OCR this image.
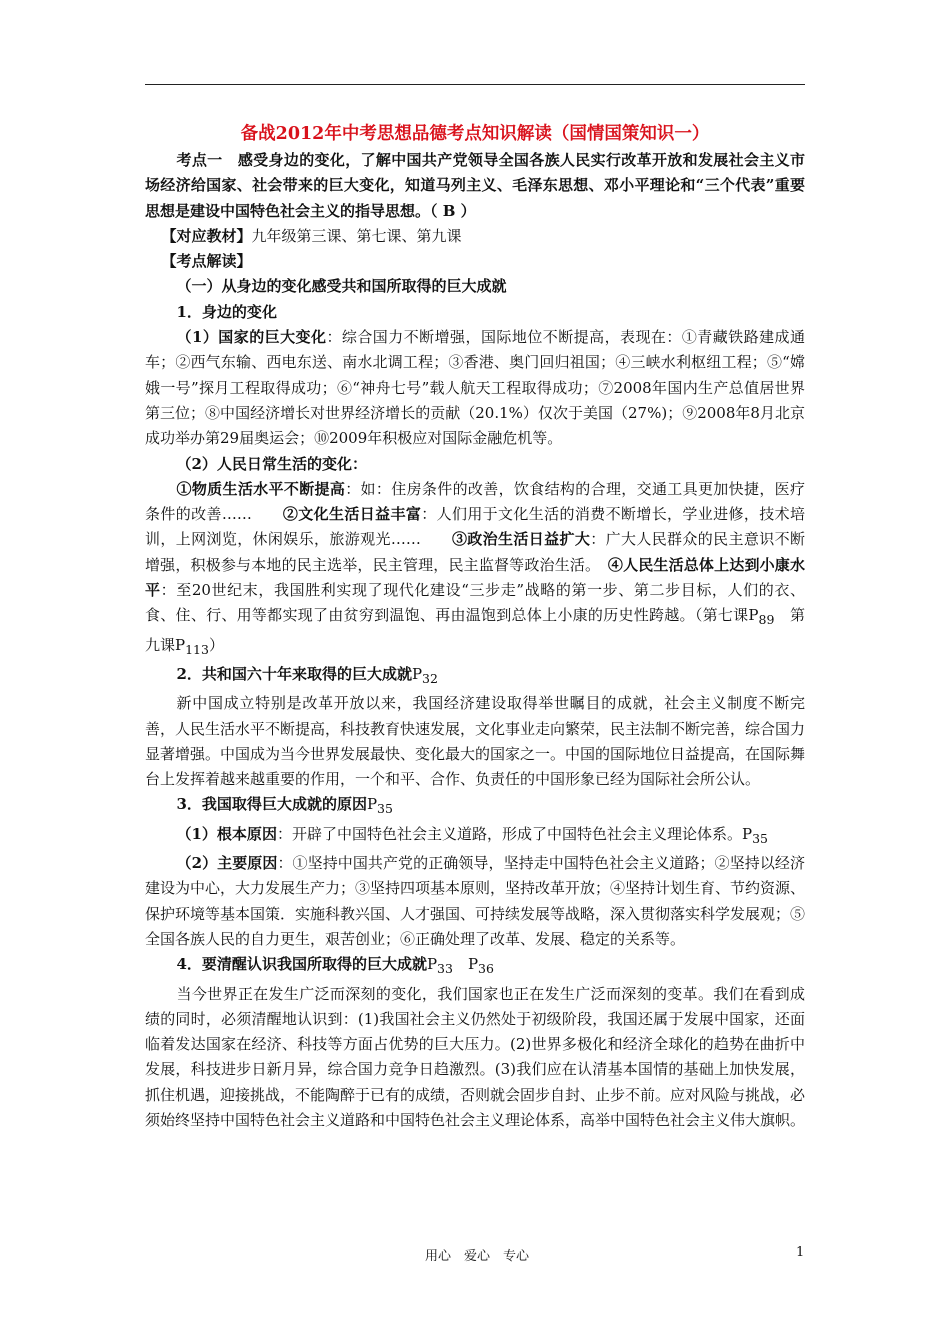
备战2012年中考思想品德考点知识解读（国情国策知识一）

考点一　感受身边的变化，了解中国共产党领导全国各族人民实行改革开放和发展社会主义市场经济给国家、社会带来的巨大变化，知道马列主义、毛泽东思想、邓小平理论和“三个代表”重要思想是建设中国特色社会主义的指导思想。（ B ）

【对应教材】九年级第三课、第七课、第九课

【考点解读】

（一）从身边的变化感受共和国所取得的巨大成就

1．身边的变化

（1）国家的巨大变化：综合国力不断增强，国际地位不断提高，表现在：①青藏铁路建成通车；②西气东输、西电东送、南水北调工程；③香港、奥门回归祖国；④三峡水利枢纽工程；⑤“嫦娥一号”探月工程取得成功；⑥“神舟七号”载人航天工程取得成功；⑦2008年国内生产总值居世界第三位；⑧中国经济增长对世界经济增长的贡献（20.1%）仅次于美国（27%)；⑨2008年8月北京成功举办第29届奥运会；⑩2009年积极应对国际金融危机等。

（2）人民日常生活的变化：

①物质生活水平不断提高：如：住房条件的改善，饮食结构的合理，交通工具更加快捷，医疗条件的改善……　　②文化生活日益丰富：人们用于文化生活的消费不断增长，学业进修，技术培训，上网浏览，休闲娱乐，旅游观光……　　③政治生活日益扩大：广大人民群众的民主意识不断增强，积极参与本地的民主选举，民主管理，民主监督等政治生活。　④人民生活总体上达到小康水平：至20世纪末，我国胜利实现了现代化建设“三步走”战略的第一步、第二步目标，人们的衣、食、住、行、用等都实现了由贫穷到温饱、再由温饱到总体上小康的历史性跨越。（第七课$P_{89}$　第九课$P_{113}$）

2．共和国六十年来取得的巨大成就$P_{32}$

新中国成立特别是改革开放以来，我国经济建设取得举世瞩目的成就，社会主义制度不断完善，人民生活水平不断提高，科技教育快速发展，文化事业走向繁荣，民主法制不断完善，综合国力显著增强。中国成为当今世界发展最快、变化最大的国家之一。中国的国际地位日益提高，在国际舞台上发挥着越来越重要的作用，一个和平、合作、负责任的中国形象已经为国际社会所公认。

3．我国取得巨大成就的原因$P_{35}$

（1）根本原因：开辟了中国特色社会主义道路，形成了中国特色社会主义理论体系。$P_{35}$

（2）主要原因：①坚持中国共产党的正确领导，坚持走中国特色社会主义道路；②坚持以经济建设为中心，大力发展生产力；③坚持四项基本原则，坚持改革开放；④坚持计划生育、节约资源、保护环境等基本国策．实施科教兴国、人才强国、可持续发展等战略，深入贯彻落实科学发展观；⑤全国各族人民的自力更生，艰苦创业；⑥正确处理了改革、发展、稳定的关系等。

4．要清醒认识我国所取得的巨大成就$P_{33}$　$P_{36}$

当今世界正在发生广泛而深刻的变化，我们国家也正在发生广泛而深刻的变革。我们在看到成绩的同时，必须清醒地认识到：(1)我国社会主义仍然处于初级阶段，我国还属于发展中国家，还面临着发达国家在经济、科技等方面占优势的巨大压力。(2)世界多极化和经济全球化的趋势在曲折中发展，科技进步日新月异，综合国力竞争日趋激烈。(3)我们应在认清基本国情的基础上加快发展，抓住机遇，迎接挑战，不能陶醉于已有的成绩，否则就会固步自封、止步不前。应对风险与挑战，必须始终坚持中国特色社会主义道路和中国特色社会主义理论体系，高举中国特色社会主义伟大旗帜。

用心　爱心　专心	1
